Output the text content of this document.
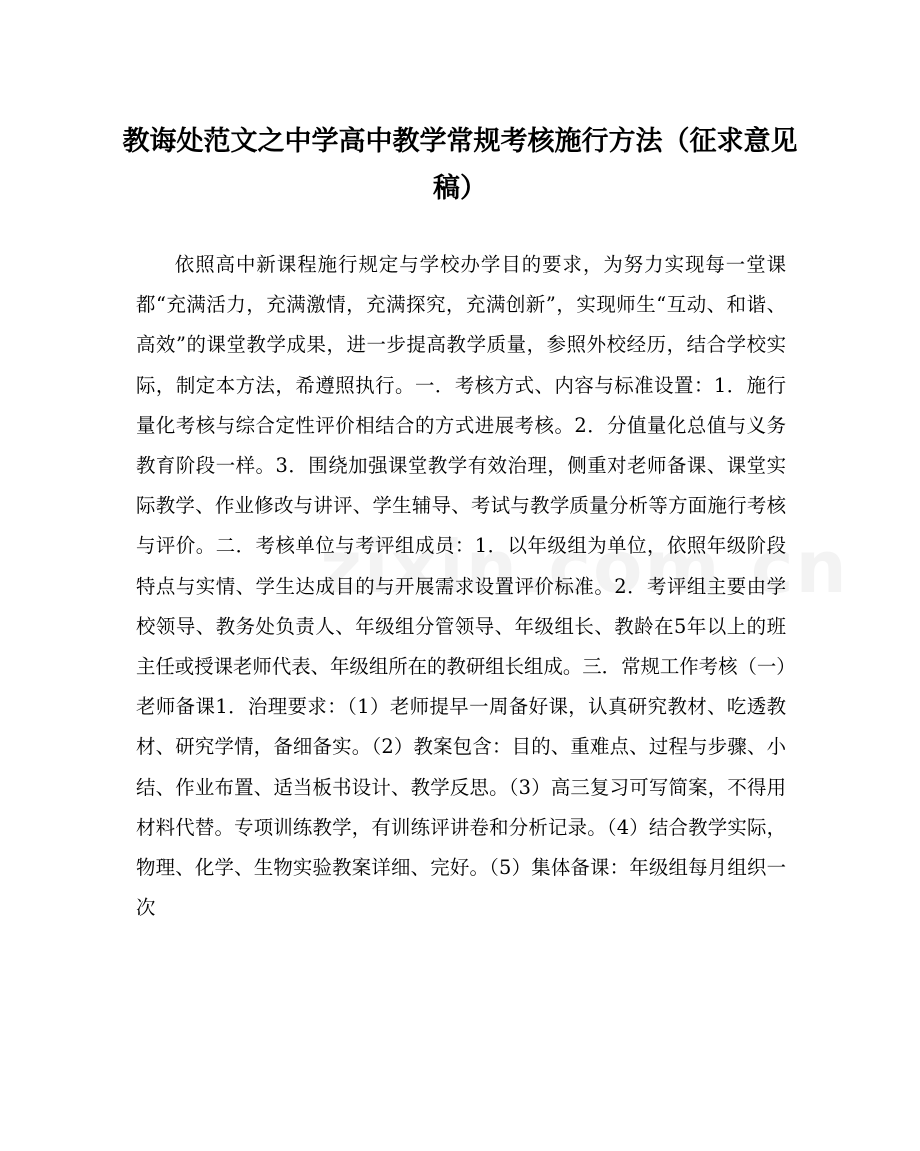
教诲处范文之中学高中教学常规考核施行方法（征求意见稿）

依照高中新课程施行规定与学校办学目的要求，为努力实现每一堂课都“充满活力，充满激情，充满探究，充满创新”，实现师生“互动、和谐、高效”的课堂教学成果，进一步提高教学质量，参照外校经历，结合学校实际，制定本方法，希遵照执行。一．考核方式、内容与标准设置：1．施行量化考核与综合定性评价相结合的方式进展考核。2．分值量化总值与义务教育阶段一样。3．围绕加强课堂教学有效治理，侧重对老师备课、课堂实际教学、作业修改与讲评、学生辅导、考试与教学质量分析等方面施行考核与评价。二．考核单位与考评组成员：1．以年级组为单位，依照年级阶段特点与实情、学生达成目的与开展需求设置评价标准。2．考评组主要由学校领导、教务处负责人、年级组分管领导、年级组长、教龄在5年以上的班主任或授课老师代表、年级组所在的教研组长组成。三．常规工作考核（一）老师备课1．治理要求：（1）老师提早一周备好课，认真研究教材、吃透教材、研究学情，备细备实。（2）教案包含：目的、重难点、过程与步骤、小结、作业布置、适当板书设计、教学反思。（3）高三复习可写简案，不得用材料代替。专项训练教学，有训练评讲卷和分析记录。（4）结合教学实际，物理、化学、生物实验教案详细、完好。（5）集体备课：年级组每月组织一次
